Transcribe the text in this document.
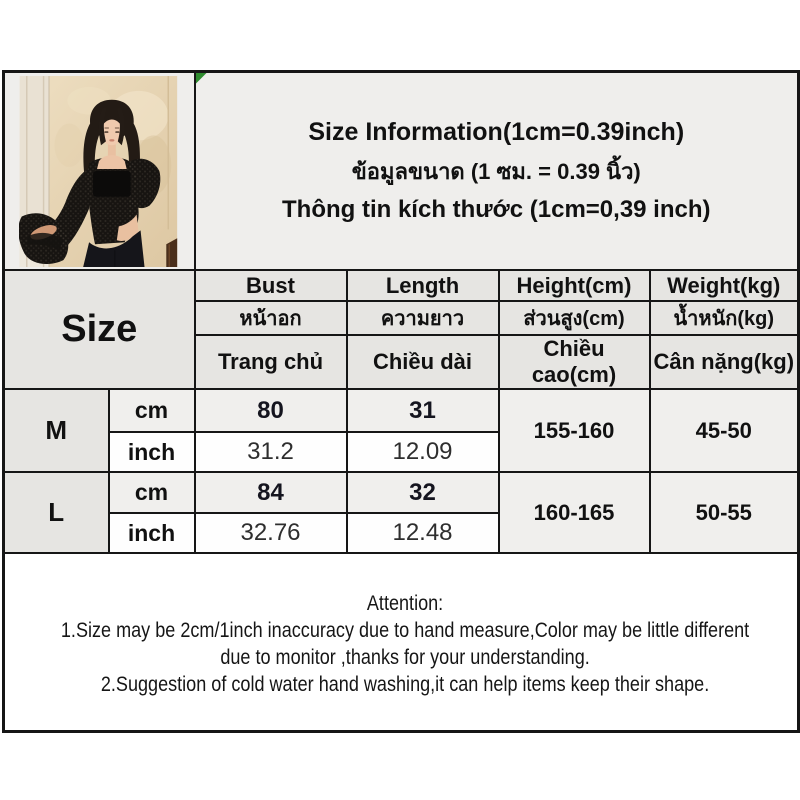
Size Information(1cm=0.39inch)
ข้อมูลขนาด (1 ซม. = 0.39 นิ้ว)
Thông tin kích thước (1cm=0,39 inch)			

Size		Bust	Length	Height(cm)	Weight(kg)
		หน้าอก	ความยาว	ส่วนสูง(cm)	น้ำหนัก(kg)
		Trang chủ	Chiều dài	Chiều cao(cm)	Cân nặng(kg)
M	cm	80	31	155-160	45-50
	inch	31.2	12.09		
L	cm	84	32	160-165	50-55
	inch	32.76	12.48		

Attention:
1.Size may be 2cm/1inch inaccuracy due to hand measure,Color may be little different
due to monitor ,thanks for your understanding.
2.Suggestion of cold water hand washing,it can help items keep their shape.					
